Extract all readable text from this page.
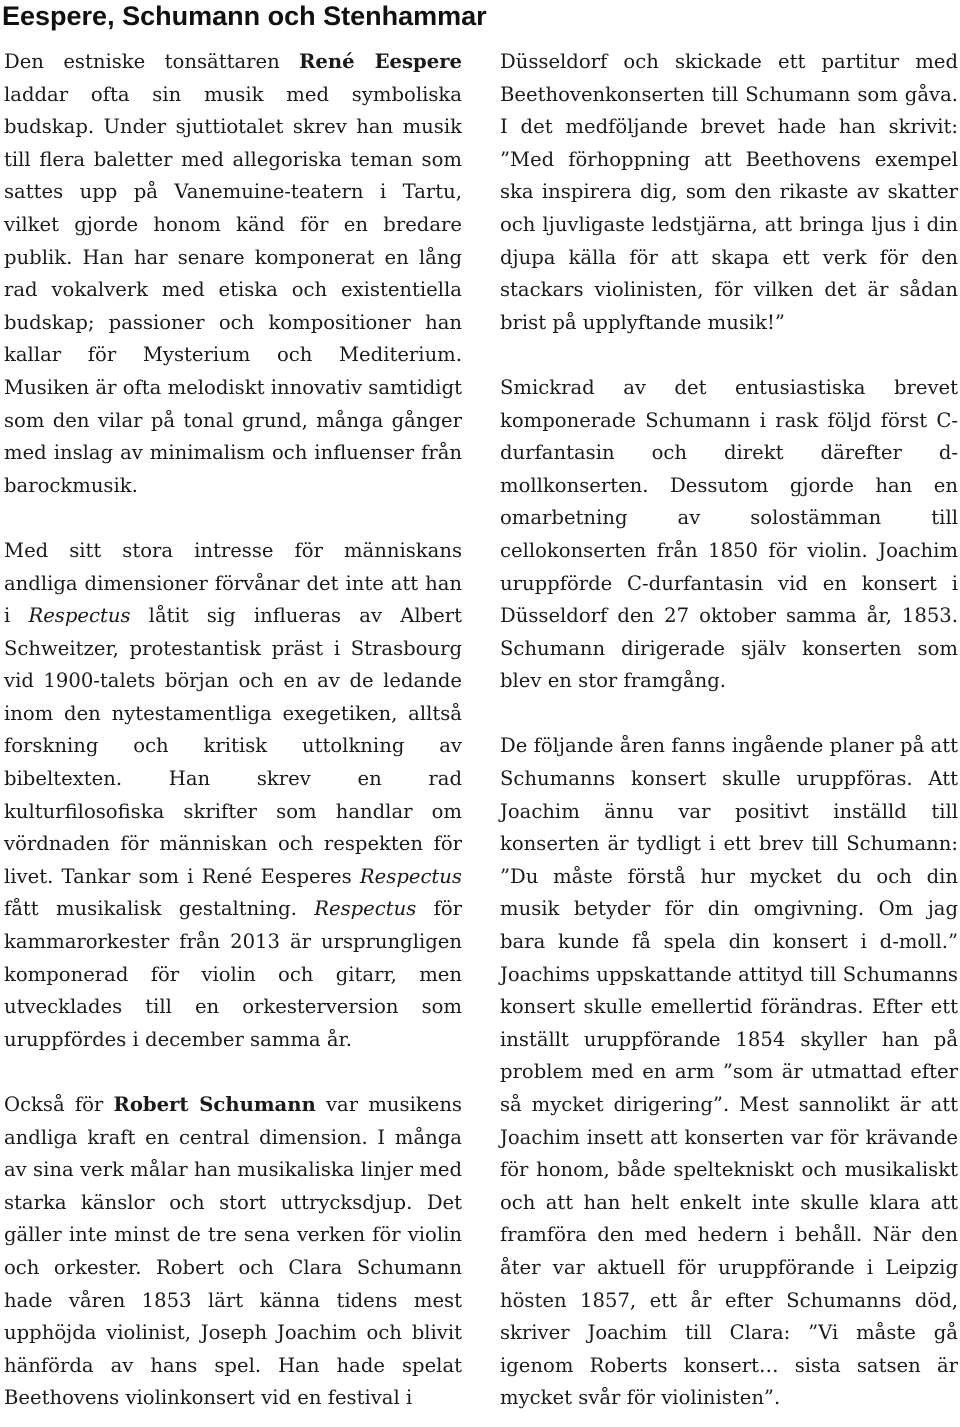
Eespere, Schumann och Stenhammar

Den estniske tonsättaren René Eespere laddar ofta sin musik med symboliska budskap. Under sjuttiotalet skrev han musik till flera baletter med allegoriska teman som sattes upp på Vanemuine-teatern i Tartu, vilket gjorde honom känd för en bredare publik. Han har senare komponerat en lång rad vokalverk med etiska och existentiella budskap; passioner och kompositioner han kallar för Mysterium och Mediterium. Musiken är ofta melodiskt innovativ samtidigt som den vilar på tonal grund, många gånger med inslag av minimalism och influenser från barockmusik.

Med sitt stora intresse för människans andliga dimensioner förvånar det inte att han i Respectus låtit sig influeras av Albert Schweitzer, protestantisk präst i Strasbourg vid 1900-talets början och en av de ledande inom den nytestamentliga exegetiken, alltså forskning och kritisk uttolkning av bibeltexten. Han skrev en rad kulturfilosofiska skrifter som handlar om vördnaden för människan och respekten för livet. Tankar som i René Eesperes Respectus fått musikalisk gestaltning. Respectus för kammarorkester från 2013 är ursprungligen komponerad för violin och gitarr, men utvecklades till en orkesterversion som uruppfördes i december samma år.

Också för Robert Schumann var musikens andliga kraft en central dimension. I många av sina verk målar han musikaliska linjer med starka känslor och stort uttrycksdjup. Det gäller inte minst de tre sena verken för violin och orkester. Robert och Clara Schumann hade våren 1853 lärt känna tidens mest upphöjda violinist, Joseph Joachim och blivit hänförda av hans spel. Han hade spelat Beethovens violinkonsert vid en festival i

Düsseldorf och skickade ett partitur med Beethovenkonserten till Schumann som gåva. I det medföljande brevet hade han skrivit: ”Med förhoppning att Beethovens exempel ska inspirera dig, som den rikaste av skatter och ljuvligaste ledstjärna, att bringa ljus i din djupa källa för att skapa ett verk för den stackars violinisten, för vilken det är sådan brist på upplyftande musik!”

Smickrad av det entusiastiska brevet komponerade Schumann i rask följd först C-durfantasin och direkt därefter d-mollkonserten. Dessutom gjorde han en omarbetning av solostämman till cellokonserten från 1850 för violin. Joachim uruppförde C-durfantasin vid en konsert i Düsseldorf den 27 oktober samma år, 1853. Schumann dirigerade själv konserten som blev en stor framgång.

De följande åren fanns ingående planer på att Schumanns konsert skulle uruppföras. Att Joachim ännu var positivt inställd till konserten är tydligt i ett brev till Schumann: ”Du måste förstå hur mycket du och din musik betyder för din omgivning. Om jag bara kunde få spela din konsert i d-moll.” Joachims uppskattande attityd till Schumanns konsert skulle emellertid förändras. Efter ett inställt uruppförande 1854 skyller han på problem med en arm ”som är utmattad efter så mycket dirigering”. Mest sannolikt är att Joachim insett att konserten var för krävande för honom, både speltekniskt och musikaliskt och att han helt enkelt inte skulle klara att framföra den med hedern i behåll. När den åter var aktuell för uruppförande i Leipzig hösten 1857, ett år efter Schumanns död, skriver Joachim till Clara: ”Vi måste gå igenom Roberts konsert… sista satsen är mycket svår för violinisten”.
